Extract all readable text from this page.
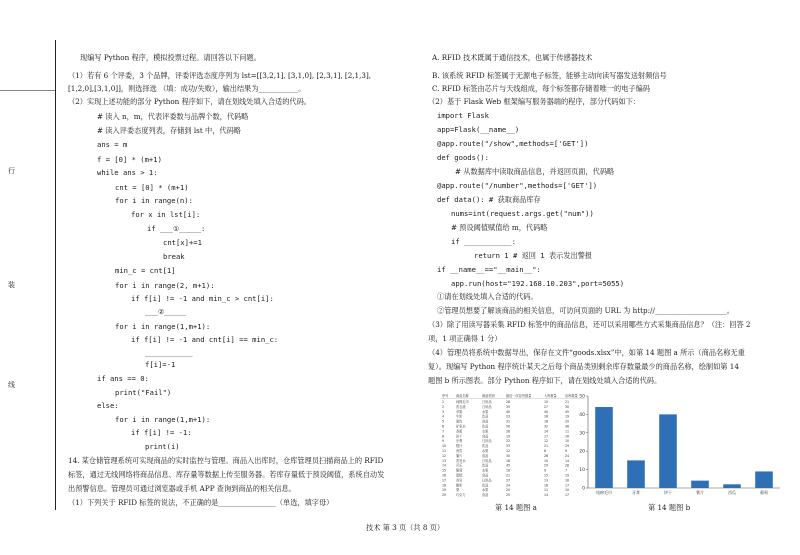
行
装
线
现编写 Python 程序，模拟投票过程。请回答以下问题。
（1）若有 6 个评委，3 个品牌，评委评选态度序列为 lst=[[3,2,1], [3,1,0], [2,3,1], [2,1,3],
[1,2,0],[3,1,0]]，则选择选 （填：成功/失败），输出结果为___________。
（2）实现上述功能的部分 Python 程序如下，请在划线处填入合适的代码。
# 读入 n，m，代表评委数与品牌个数，代码略
# 读入评委态度列表，存储到 lst 中，代码略
ans = m
f = [0] * (m+1)
while ans > 1:
cnt = [0] * (m+1)
for i in range(n):
for x in lst[i]:
if ___①_____:
cnt[x]+=1
break
min_c = cnt[1]
for i in range(2, m+1):
if f[i] != -1 and min_c > cnt[i]:
___②_____
for i in range(1,m+1):
if f[i] != -1 and cnt[i] == min_c:
___________
f[i]=-1
if ans == 0:
print("Fail")
else:
for i in range(1,m+1):
if f[i] != -1:
print(i)
14. 某仓储管理系统可实现商品的实时监控与管理。商品入出库时，仓库管理员扫描商品上的 RFID
标签，通过无线网络将商品信息、库存量等数据上传至服务器。若库存量低于预设阈值，系统自动发
出预警信息。管理员可通过浏览器或手机 APP 查询到商品的相关信息。
（1）下列关于 RFID 标签的说法，不正确的是________________（单选，填字母）
A. RFID 技术既属于通信技术，也属于传感器技术
B. 该系统 RFID 标签属于无源电子标签，能够主动向读写器发送射频信号
C. RFID 标签由芯片与天线组成，每个标签都存储着唯一的电子编码
（2）基于 Flask Web 框架编写服务器端的程序，部分代码如下：
import Flask
app=Flask(__name__)
@app.route("/show",methods=['GET'])
def goods():
# 从数据库中读取商品信息，并返回页面，代码略
@app.route("/number",methods=['GET'])
def data(): # 获取商品库存
nums=int(request.args.get("num"))
# 预设阈值赋值给 m，代码略
if ___________:
return 1 # 返回 1 表示发出警报
if __name__=="__main__":
app.run(host="192.168.10.203",port=5055)
①请在划线处填入合适的代码。
②管理员想要了解该商品的相关信息，可访问页面的 URL 为 http://____________________。
（3）除了用读写器采集 RFID 标签中的商品信息，还可以采用哪些方式采集商品信息？（注：回答 2
项，1 项正确得 1 分）
（4）管理员将系统中数据导出，保存在文件“goods.xlsx”中，如第 14 题图 a 所示（商品名称无重
复）。现编写 Python 程序统计某天之后每个商品类别剩余库存数量最少的商品名称，绘制如第 14
题图 b 所示图表。部分 Python 程序如下，请在划线处填入合适的代码。
序号 商品名称	商品类别	最近一次存货数量	入库数量	出库数量
1	纯棉毛巾	日用品	28	10	21
2	洗衣液	日用品	35	27	30
3	苹果	水果	40	40	45
4	牛奶	饮品	23	16	19
5	面包	食品	31	18	20
6	矿泉水	饮品	50	32	38
7	香蕉	水果	26	14	11
8	饼干	食品	19	17	16
9	牙膏	日用品	22	12	10
10	橙汁	饮品	33	21	29
11	西瓜	水果	12	8	9
12	薯片	食品	30	26	24
13	洗发水	日用品	18	10	14
14	可乐	饮品	45	20	28
15	葡萄	水果	16	9	7
16	蛋糕	食品	21	15	19
17	香皂	日用品	27	13	16
18	酸奶	饮品	24	18	17
19	梨	水果	20	11	10
20	巧克力	食品	25	14	17
第 14 题图 a
0
10
20
30
40
50
纯棉毛巾	牙膏	饼干	薯片	西瓜	葡萄
第 14 题图 b
技术 第 3 页（共 8 页）
